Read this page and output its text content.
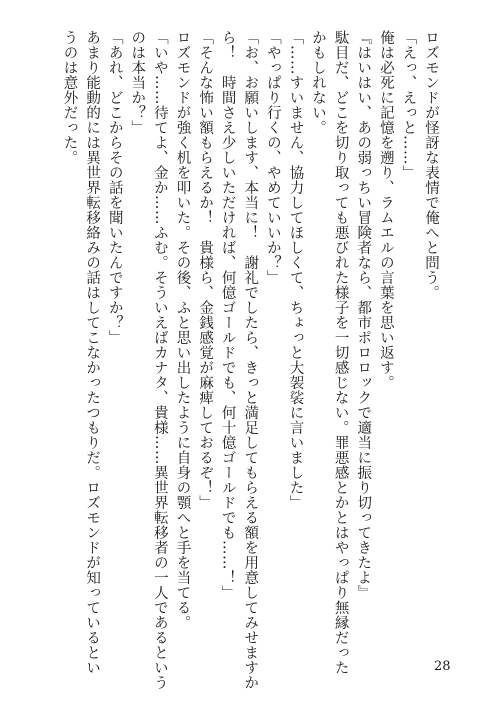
ロズモンドが怪訝な表情で俺へと問う。
「えっ、えっと……」
俺は必死に記憶を遡り、ラムエルの言葉を思い返す。
『はいはい、あの弱っちい冒険者なら、都市ポロロックで適当に振り切ってきたよ』
駄目だ、どこを切り取っても悪びれた様子を一切感じない。罪悪感とかとはやっぱり無縁だった
かもしれない。
「……すいません、協力してほしくて、ちょっと大袈裟に言いました」
「やっぱり行くの、やめていいか？」
「お、お願いします、本当に！　謝礼でしたら、きっと満足してもらえる額を用意してみせますか
ら！　時間さえ少しいただければ、何億ゴールドでも、何十億ゴールドでも……！」
「そんな怖い額もらえるか！　貴様ら、金銭感覚が麻痺しておるぞ！」
ロズモンドが強く机を叩いた。その後、ふと思い出したように自身の顎へと手を当てる。
「いや……待てよ、金か……ふむ。そういえばカナタ、貴様……異世界転移者の一人であるという
のは本当か？」
「あれ、どこからその話を聞いたんですか？」
あまり能動的には異世界転移絡みの話はしてこなかったつもりだ。ロズモンドが知っているとい
うのは意外だった。
28
